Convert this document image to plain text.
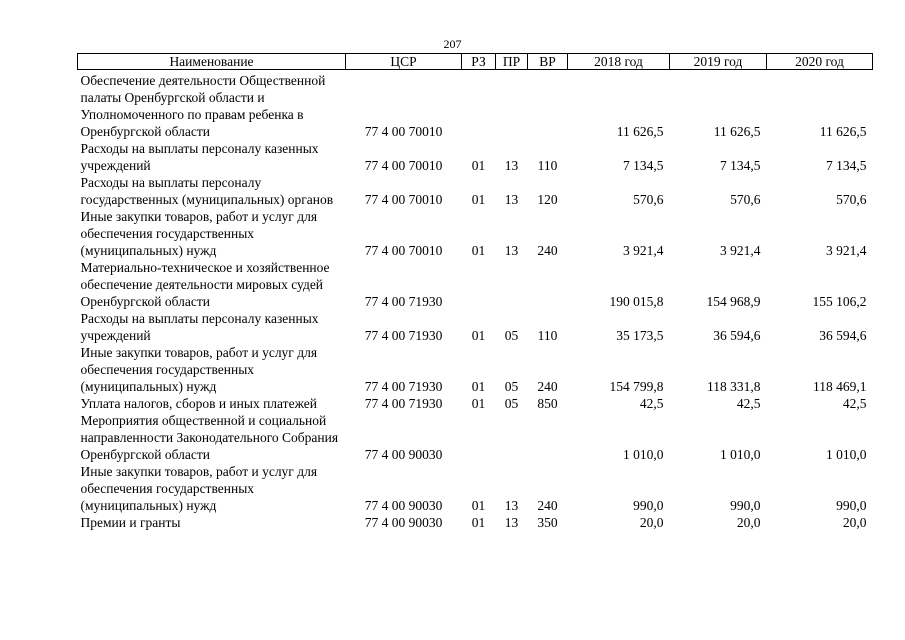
207
Наименование	ЦСР	РЗ	ПР	ВР	2018 год	2019 год	2020 год
Обеспечение деятельности Общественной палаты Оренбургской области и Уполномоченного по правам ребенка в Оренбургской области	77 4 00 70010				11 626,5	11 626,5	11 626,5
Расходы на выплаты персоналу казенных учреждений	77 4 00 70010	01	13	110	7 134,5	7 134,5	7 134,5
Расходы на выплаты персоналу государственных (муниципальных) органов	77 4 00 70010	01	13	120	570,6	570,6	570,6
Иные закупки товаров, работ и услуг для обеспечения государственных (муниципальных) нужд	77 4 00 70010	01	13	240	3 921,4	3 921,4	3 921,4
Материально-техническое и хозяйственное обеспечение деятельности мировых судей Оренбургской области	77 4 00 71930				190 015,8	154 968,9	155 106,2
Расходы на выплаты персоналу казенных учреждений	77 4 00 71930	01	05	110	35 173,5	36 594,6	36 594,6
Иные закупки товаров, работ и услуг для обеспечения государственных (муниципальных) нужд	77 4 00 71930	01	05	240	154 799,8	118 331,8	118 469,1
Уплата налогов, сборов и иных платежей	77 4 00 71930	01	05	850	42,5	42,5	42,5
Мероприятия общественной и социальной направленности Законодательного Собрания Оренбургской области	77 4 00 90030				1 010,0	1 010,0	1 010,0
Иные закупки товаров, работ и услуг для обеспечения государственных (муниципальных) нужд	77 4 00 90030	01	13	240	990,0	990,0	990,0
Премии и гранты	77 4 00 90030	01	13	350	20,0	20,0	20,0
